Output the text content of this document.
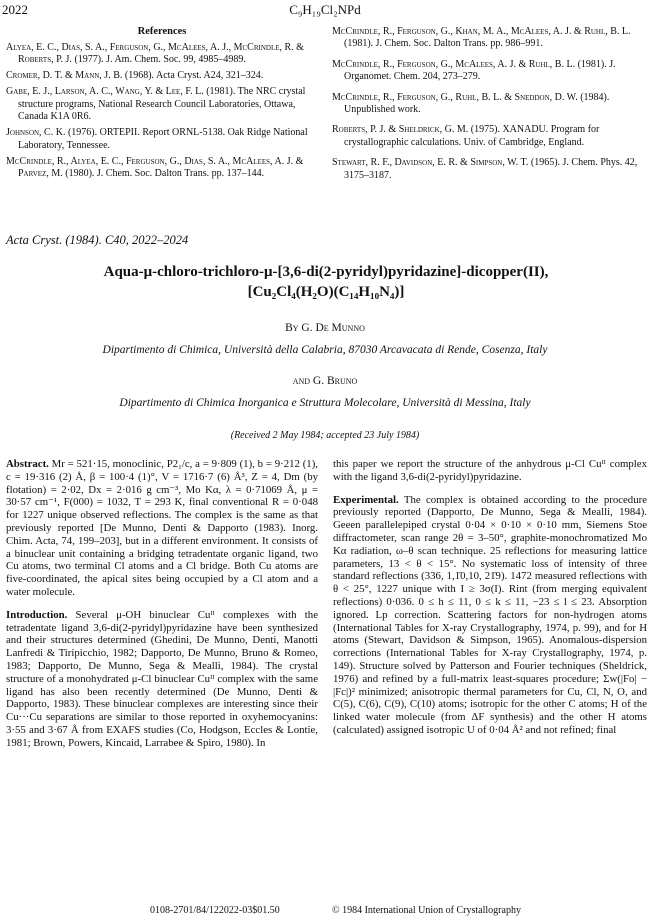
2022	C₉H₁₉Cl₂NPd
References
Alyea, E. C., Dias, S. A., Ferguson, G., McAlees, A. J., McCrindle, R. & Roberts, P. J. (1977). J. Am. Chem. Soc. 99, 4985–4989.
Cromer, D. T. & Mann, J. B. (1968). Acta Cryst. A24, 321–324.
Gabe, E. J., Larson, A. C., Wang, Y. & Lee, F. L. (1981). The NRC crystal structure programs, National Research Council Laboratories, Ottawa, Canada K1A 0R6.
Johnson, C. K. (1976). ORTEPII. Report ORNL-5138. Oak Ridge National Laboratory, Tennessee.
McCrindle, R., Alyea, E. C., Ferguson, G., Dias, S. A., McAlees, A. J. & Parvez, M. (1980). J. Chem. Soc. Dalton Trans. pp. 137–144.
McCrindle, R., Ferguson, G., Khan, M. A., McAlees, A. J. & Ruhl, B. L. (1981). J. Chem. Soc. Dalton Trans. pp. 986–991.
McCrindle, R., Ferguson, G., McAlees, A. J. & Ruhl, B. L. (1981). J. Organomet. Chem. 204, 273–279.
McCrindle, R., Ferguson, G., Ruhl, B. L. & Sneddon, D. W. (1984). Unpublished work.
Roberts, P. J. & Sheldrick, G. M. (1975). XANADU. Program for crystallographic calculations. Univ. of Cambridge, England.
Stewart, R. F., Davidson, E. R. & Simpson, W. T. (1965). J. Chem. Phys. 42, 3175–3187.
Acta Cryst. (1984). C40, 2022–2024
Aqua-μ-chloro-trichloro-μ-[3,6-di(2-pyridyl)pyridazine]-dicopper(II),
[Cu₂Cl₄(H₂O)(C₁₄H₁₀N₄)]
By G. De Munno
Dipartimento di Chimica, Università della Calabria, 87030 Arcavacata di Rende, Cosenza, Italy
and G. Bruno
Dipartimento di Chimica Inorganica e Struttura Molecolare, Università di Messina, Italy
(Received 2 May 1984; accepted 23 July 1984)

Abstract. Mr = 521·15, monoclinic, P2₁/c, a = 9·809 (1), b = 9·212 (1), c = 19·316 (2) Å, β = 100·4 (1)°, V = 1716·7 (6) Å³, Z = 4, Dm (by flotation) = 2·02, Dx = 2·016 g cm⁻³, Mo Kα, λ = 0·71069 Å, μ = 30·57 cm⁻¹, F(000) = 1032, T = 293 K, final conventional R = 0·048 for 1227 unique observed reflections. The complex is the same as that previously reported [De Munno, Denti & Dapporto (1983). Inorg. Chim. Acta, 74, 199–203], but in a different environment. It consists of a binuclear unit containing a bridging tetradentate organic ligand, two Cu atoms, two terminal Cl atoms and a Cl bridge. Both Cu atoms are five-coordinated, the apical sites being occupied by a Cl atom and a water molecule.

Introduction. Several μ-OH binuclear Cuᴵᴵ complexes with the tetradentate ligand 3,6-di(2-pyridyl)pyridazine have been synthesized and their structures determined (Ghedini, De Munno, Denti, Manotti Lanfredi & Tiripicchio, 1982; Dapporto, De Munno, Bruno & Romeo, 1983; Dapporto, De Munno, Sega & Mealli, 1984). The crystal structure of a monohydrated μ-Cl binuclear Cuᴵᴵ complex with the same ligand has also been recently determined (De Munno, Denti & Dapporto, 1983). These binuclear complexes are interesting since their Cu···Cu separations are similar to those reported in oxyhemocyanins: 3·55 and 3·67 Å from EXAFS studies (Co, Hodgson, Eccles & Lontie, 1981; Brown, Powers, Kincaid, Larrabee & Spiro, 1980). In

this paper we report the structure of the anhydrous μ-Cl Cuᴵᴵ complex with the ligand 3,6-di(2-pyridyl)pyridazine.

Experimental. The complex is obtained according to the procedure previously reported (Dapporto, De Munno, Sega & Mealli, 1984). Geeen parallelepiped crystal 0·04 × 0·10 × 0·10 mm, Siemens Stoe diffractometer, scan range 2θ = 3–50°, graphite-monochromatized Mo Kα radiation, ω–θ scan technique. 25 reflections for measuring lattice parameters, 13 < θ < 15°. No systematic loss of intensity of three standard reflections (336, 1,1̄0,10, 21̄9). 1472 measured reflections with θ < 25°, 1227 unique with I ≥ 3σ(I). Rint (from merging equivalent reflections) 0·036. 0 ≤ h ≤ 11, 0 ≤ k ≤ 11, −23 ≤ l ≤ 23. Absorption ignored. Lp correction. Scattering factors for non-hydrogen atoms (International Tables for X-ray Crystallography, 1974, p. 99), and for H atoms (Stewart, Davidson & Simpson, 1965). Anomalous-dispersion corrections (International Tables for X-ray Crystallography, 1974, p. 149). Structure solved by Patterson and Fourier techniques (Sheldrick, 1976) and refined by a full-matrix least-squares procedure; Σw(|Fo| − |Fc|)² minimized; anisotropic thermal parameters for Cu, Cl, N, O, and C(5), C(6), C(9), C(10) atoms; isotropic for the other C atoms; H of the linked water molecule (from ΔF synthesis) and the other H atoms (calculated) assigned isotropic U of 0·04 Å² and not refined; final

0108-2701/84/122022-03$01.50	© 1984 International Union of Crystallography
